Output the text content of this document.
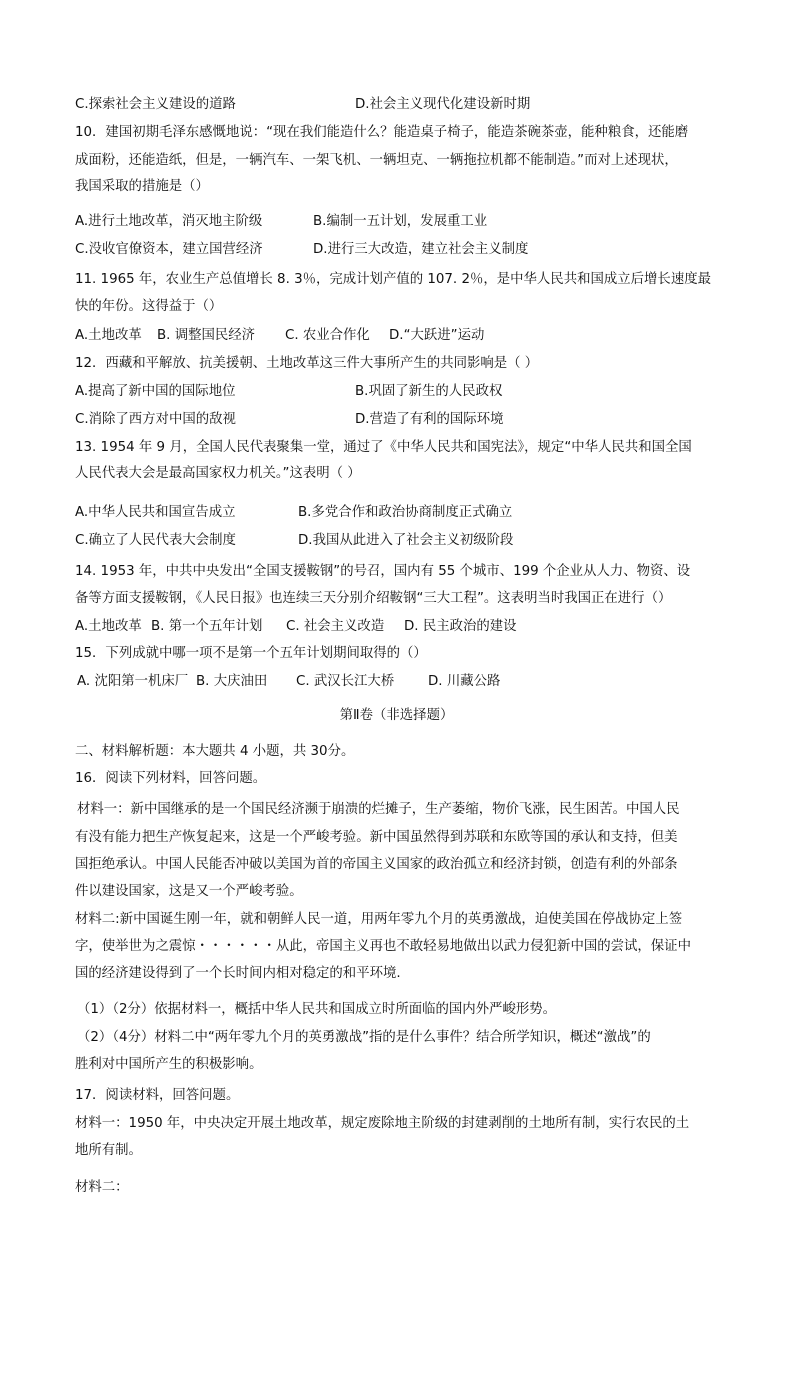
C.探索社会主义建设的道路	D.社会主义现代化建设新时期
10．建国初期毛泽东感慨地说：“现在我们能造什么？能造桌子椅子，能造茶碗茶壶，能种粮食，还能磨
成面粉，还能造纸，但是，一辆汽车、一架飞机、一辆坦克、一辆拖拉机都不能制造。”而对上述现状，
我国采取的措施是（）
A.进行土地改革，消灭地主阶级	B.编制一五计划，发展重工业
C.没收官僚资本，建立国营经济	D.进行三大改造，建立社会主义制度
11. 1965 年，农业生产总值增长 8. 3％，完成计划产值的 107. 2％，是中华人民共和国成立后增长速度最
快的年份。这得益于（）
A.土地改革 B. 调整国民经济 C. 农业合作化 D.“大跃进”运动
12．西藏和平解放、抗美援朝、土地改革这三件大事所产生的共同影响是（ ）
A.提高了新中国的国际地位	B.巩固了新生的人民政权
C.消除了西方对中国的敌视	D.营造了有利的国际环境
13. 1954 年 9 月，全国人民代表聚集一堂，通过了《中华人民共和国宪法》，规定“中华人民共和国全国
人民代表大会是最高国家权力机关。”这表明（ ）
A.中华人民共和国宣告成立	B.多党合作和政治协商制度正式确立
C.确立了人民代表大会制度	D.我国从此进入了社会主义初级阶段
14. 1953 年，中共中央发出“全国支援鞍钢”的号召，国内有 55 个城市、199 个企业从人力、物资、设
备等方面支援鞍钢，《人民日报》也连续三天分别介绍鞍钢“三大工程”。这表明当时我国正在进行（）
A.土地改革 B. 第一个五年计划 C. 社会主义改造 D. 民主政治的建设
15．下列成就中哪一项不是第一个五年计划期间取得的（）
A. 沈阳第一机床厂 B. 大庆油田 C. 武汉长江大桥	D. 川藏公路
第Ⅱ卷（非选择题）
二、材料解析题：本大题共 4 小题，共 30分。
16．阅读下列材料，回答问题。
材料一：新中国继承的是一个国民经济濒于崩溃的烂摊子，生产萎缩，物价飞涨，民生困苦。中国人民
有没有能力把生产恢复起来，这是一个严峻考验。新中国虽然得到苏联和东欧等国的承认和支持，但美
国拒绝承认。中国人民能否冲破以美国为首的帝国主义国家的政治孤立和经济封锁，创造有利的外部条
件以建设国家，这是又一个严峻考验。
材料二:新中国诞生刚一年，就和朝鲜人民一道，用两年零九个月的英勇激战，迫使美国在停战协定上签
字，使举世为之震惊・・・・・・从此，帝国主义再也不敢轻易地做出以武力侵犯新中国的尝试，保证中
国的经济建设得到了一个长时间内相对稳定的和平环境.
（1）（2分）依据材料一，概括中华人民共和国成立时所面临的国内外严峻形势。
（2）（4分）材料二中“两年零九个月的英勇激战”指的是什么事件？结合所学知识，概述“激战”的
胜利对中国所产生的积极影响。
17．阅读材料，回答问题。
材料一：1950 年，中央决定开展土地改革，规定废除地主阶级的封建剥削的土地所有制，实行农民的土
地所有制。
材料二：
